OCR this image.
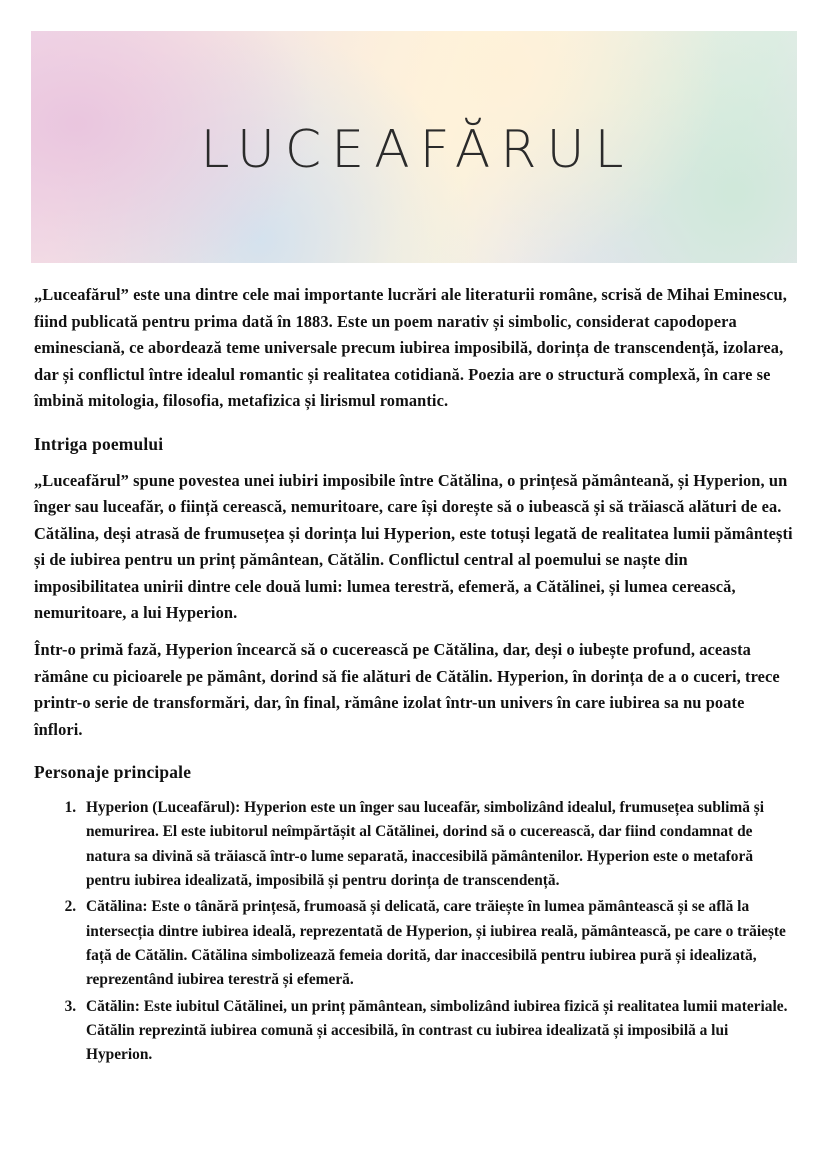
LUCEAFĂRUL

„Luceafărul” este una dintre cele mai importante lucrări ale literaturii române, scrisă de Mihai Eminescu, fiind publicată pentru prima dată în 1883. Este un poem narativ și simbolic, considerat capodopera eminesciană, ce abordează teme universale precum iubirea imposibilă, dorința de transcendență, izolarea, dar și conflictul între idealul romantic și realitatea cotidiană. Poezia are o structură complexă, în care se îmbină mitologia, filosofia, metafizica și lirismul romantic.

Intriga poemului

„Luceafărul” spune povestea unei iubiri imposibile între Cătălina, o prințesă pământeană, și Hyperion, un înger sau luceafăr, o ființă cerească, nemuritoare, care își dorește să o iubească și să trăiască alături de ea. Cătălina, deși atrasă de frumusețea și dorința lui Hyperion, este totuși legată de realitatea lumii pământești și de iubirea pentru un prinț pământean, Cătălin. Conflictul central al poemului se naște din imposibilitatea unirii dintre cele două lumi: lumea terestră, efemeră, a Cătălinei, și lumea cerească, nemuritoare, a lui Hyperion.

Într-o primă fază, Hyperion încearcă să o cucerească pe Cătălina, dar, deși o iubește profund, aceasta rămâne cu picioarele pe pământ, dorind să fie alături de Cătălin. Hyperion, în dorința de a o cuceri, trece printr-o serie de transformări, dar, în final, rămâne izolat într-un univers în care iubirea sa nu poate înflori.

Personaje principale
1. Hyperion (Luceafărul): Hyperion este un înger sau luceafăr, simbolizând idealul, frumusețea sublimă și nemurirea. El este iubitorul neîmpărtășit al Cătălinei, dorind să o cucerească, dar fiind condamnat de natura sa divină să trăiască într-o lume separată, inaccesibilă pământenilor. Hyperion este o metaforă pentru iubirea idealizată, imposibilă și pentru dorința de transcendență.
2. Cătălina: Este o tânără prințesă, frumoasă și delicată, care trăiește în lumea pământească și se află la intersecția dintre iubirea ideală, reprezentată de Hyperion, și iubirea reală, pământească, pe care o trăiește față de Cătălin. Cătălina simbolizează femeia dorită, dar inaccesibilă pentru iubirea pură și idealizată, reprezentând iubirea terestră și efemeră.
3. Cătălin: Este iubitul Cătălinei, un prinț pământean, simbolizând iubirea fizică și realitatea lumii materiale. Cătălin reprezintă iubirea comună și accesibilă, în contrast cu iubirea idealizată și imposibilă a lui Hyperion.
